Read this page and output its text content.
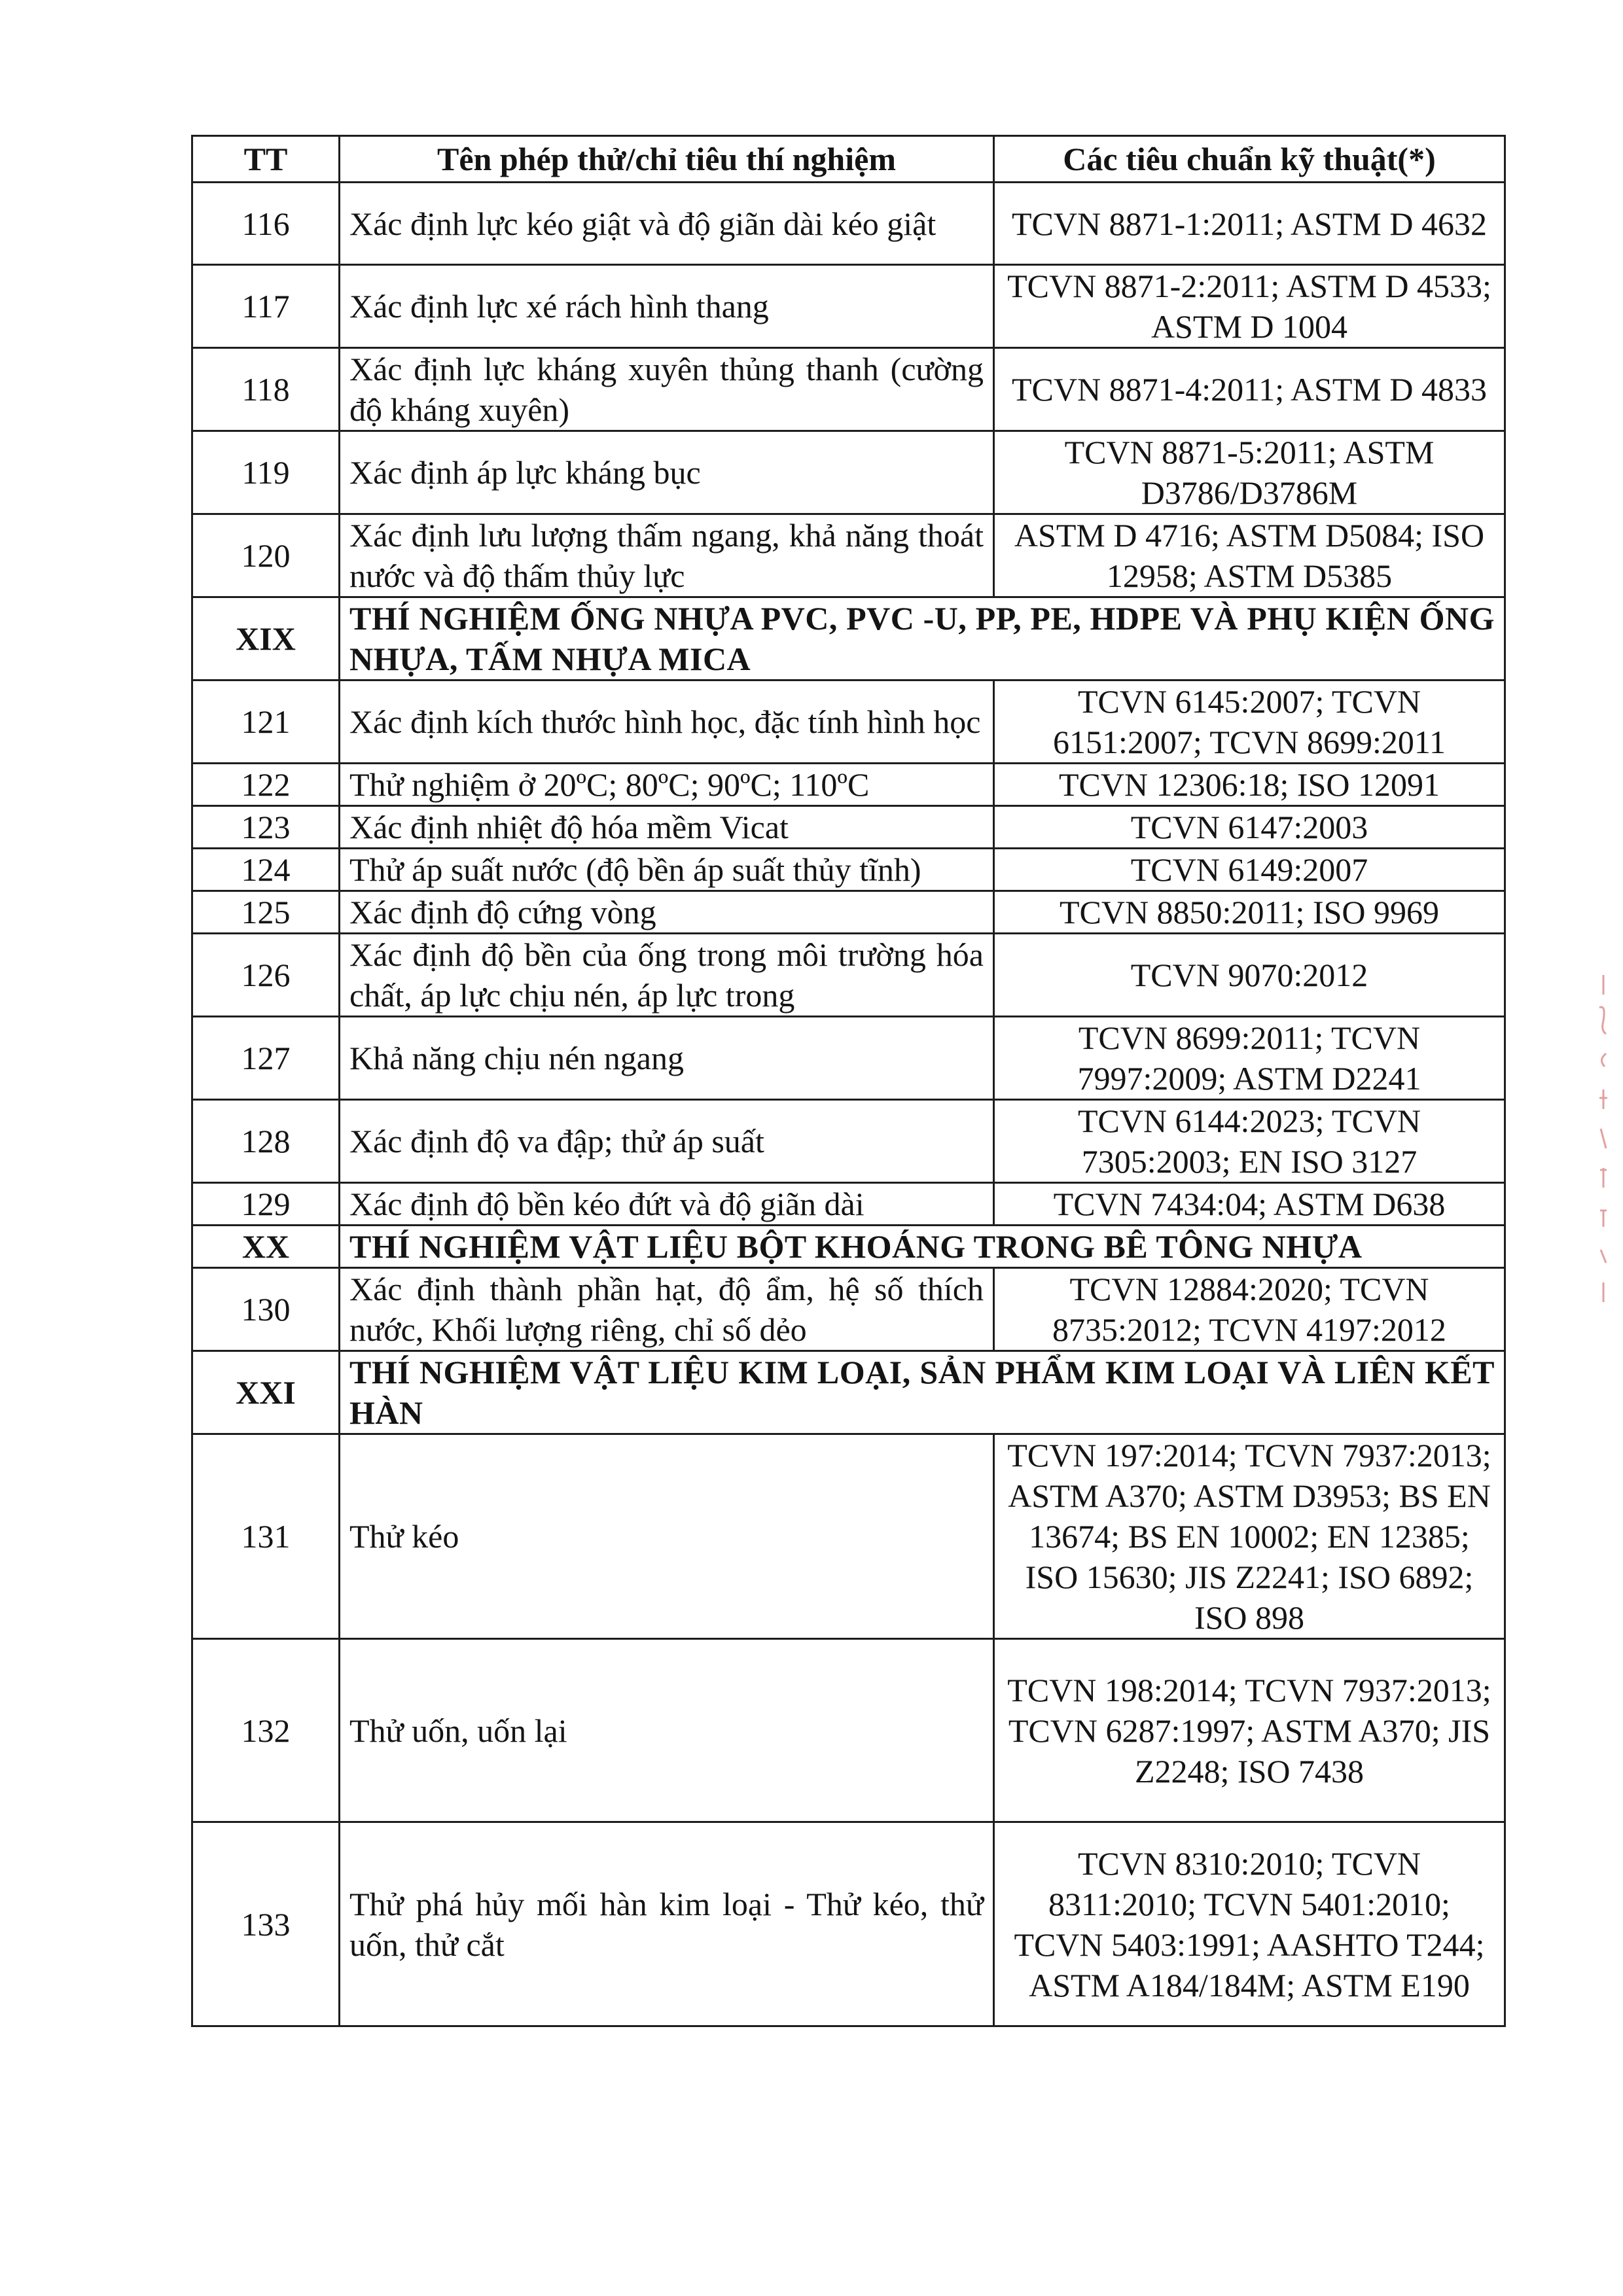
TT	Tên phép thử/chỉ tiêu thí nghiệm	Các tiêu chuẩn kỹ thuật(*)
116	Xác định lực kéo giật và độ giãn dài kéo giật	TCVN 8871-1:2011; ASTM D 4632
117	Xác định lực xé rách hình thang	TCVN 8871-2:2011; ASTM D 4533; ASTM D 1004
118	Xác định lực kháng xuyên thủng thanh (cường độ kháng xuyên)	TCVN 8871-4:2011; ASTM D 4833
119	Xác định áp lực kháng bục	TCVN 8871-5:2011; ASTM D3786/D3786M
120	Xác định lưu lượng thấm ngang, khả năng thoát nước và độ thấm thủy lực	ASTM D 4716; ASTM D5084; ISO 12958; ASTM D5385
XIX	THÍ NGHIỆM ỐNG NHỰA PVC, PVC -U, PP, PE, HDPE VÀ PHỤ KIỆN ỐNG NHỰA, TẤM NHỰA MICA	
121	Xác định kích thước hình học, đặc tính hình học	TCVN 6145:2007; TCVN 6151:2007; TCVN 8699:2011
122	Thử nghiệm ở 20ºC; 80ºC; 90ºC; 110ºC	TCVN 12306:18; ISO 12091
123	Xác định nhiệt độ hóa mềm Vicat	TCVN 6147:2003
124	Thử áp suất nước (độ bền áp suất thủy tĩnh)	TCVN 6149:2007
125	Xác định độ cứng vòng	TCVN 8850:2011; ISO 9969
126	Xác định độ bền của ống trong môi trường hóa chất, áp lực chịu nén, áp lực trong	TCVN 9070:2012
127	Khả năng chịu nén ngang	TCVN 8699:2011; TCVN 7997:2009; ASTM D2241
128	Xác định độ va đập; thử áp suất	TCVN 6144:2023; TCVN 7305:2003; EN ISO 3127
129	Xác định độ bền kéo đứt và độ giãn dài	TCVN 7434:04; ASTM D638
XX	THÍ NGHIỆM VẬT LIỆU BỘT KHOÁNG TRONG BÊ TÔNG NHỰA	
130	Xác định thành phần hạt, độ ẩm, hệ số thích nước, Khối lượng riêng, chỉ số dẻo	TCVN 12884:2020; TCVN 8735:2012; TCVN 4197:2012
XXI	THÍ NGHIỆM VẬT LIỆU KIM LOẠI, SẢN PHẨM KIM LOẠI VÀ LIÊN KẾT HÀN	
131	Thử kéo	TCVN 197:2014; TCVN 7937:2013; ASTM A370; ASTM D3953; BS EN 13674; BS EN 10002; EN 12385; ISO 15630; JIS Z2241; ISO 6892; ISO 898
132	Thử uốn, uốn lại	TCVN 198:2014; TCVN 7937:2013; TCVN 6287:1997; ASTM A370; JIS Z2248; ISO 7438
133	Thử phá hủy mối hàn kim loại - Thử kéo, thử uốn, thử cắt	TCVN 8310:2010; TCVN 8311:2010; TCVN 5401:2010; TCVN 5403:1991; AASHTO T244; ASTM A184/184M; ASTM E190
